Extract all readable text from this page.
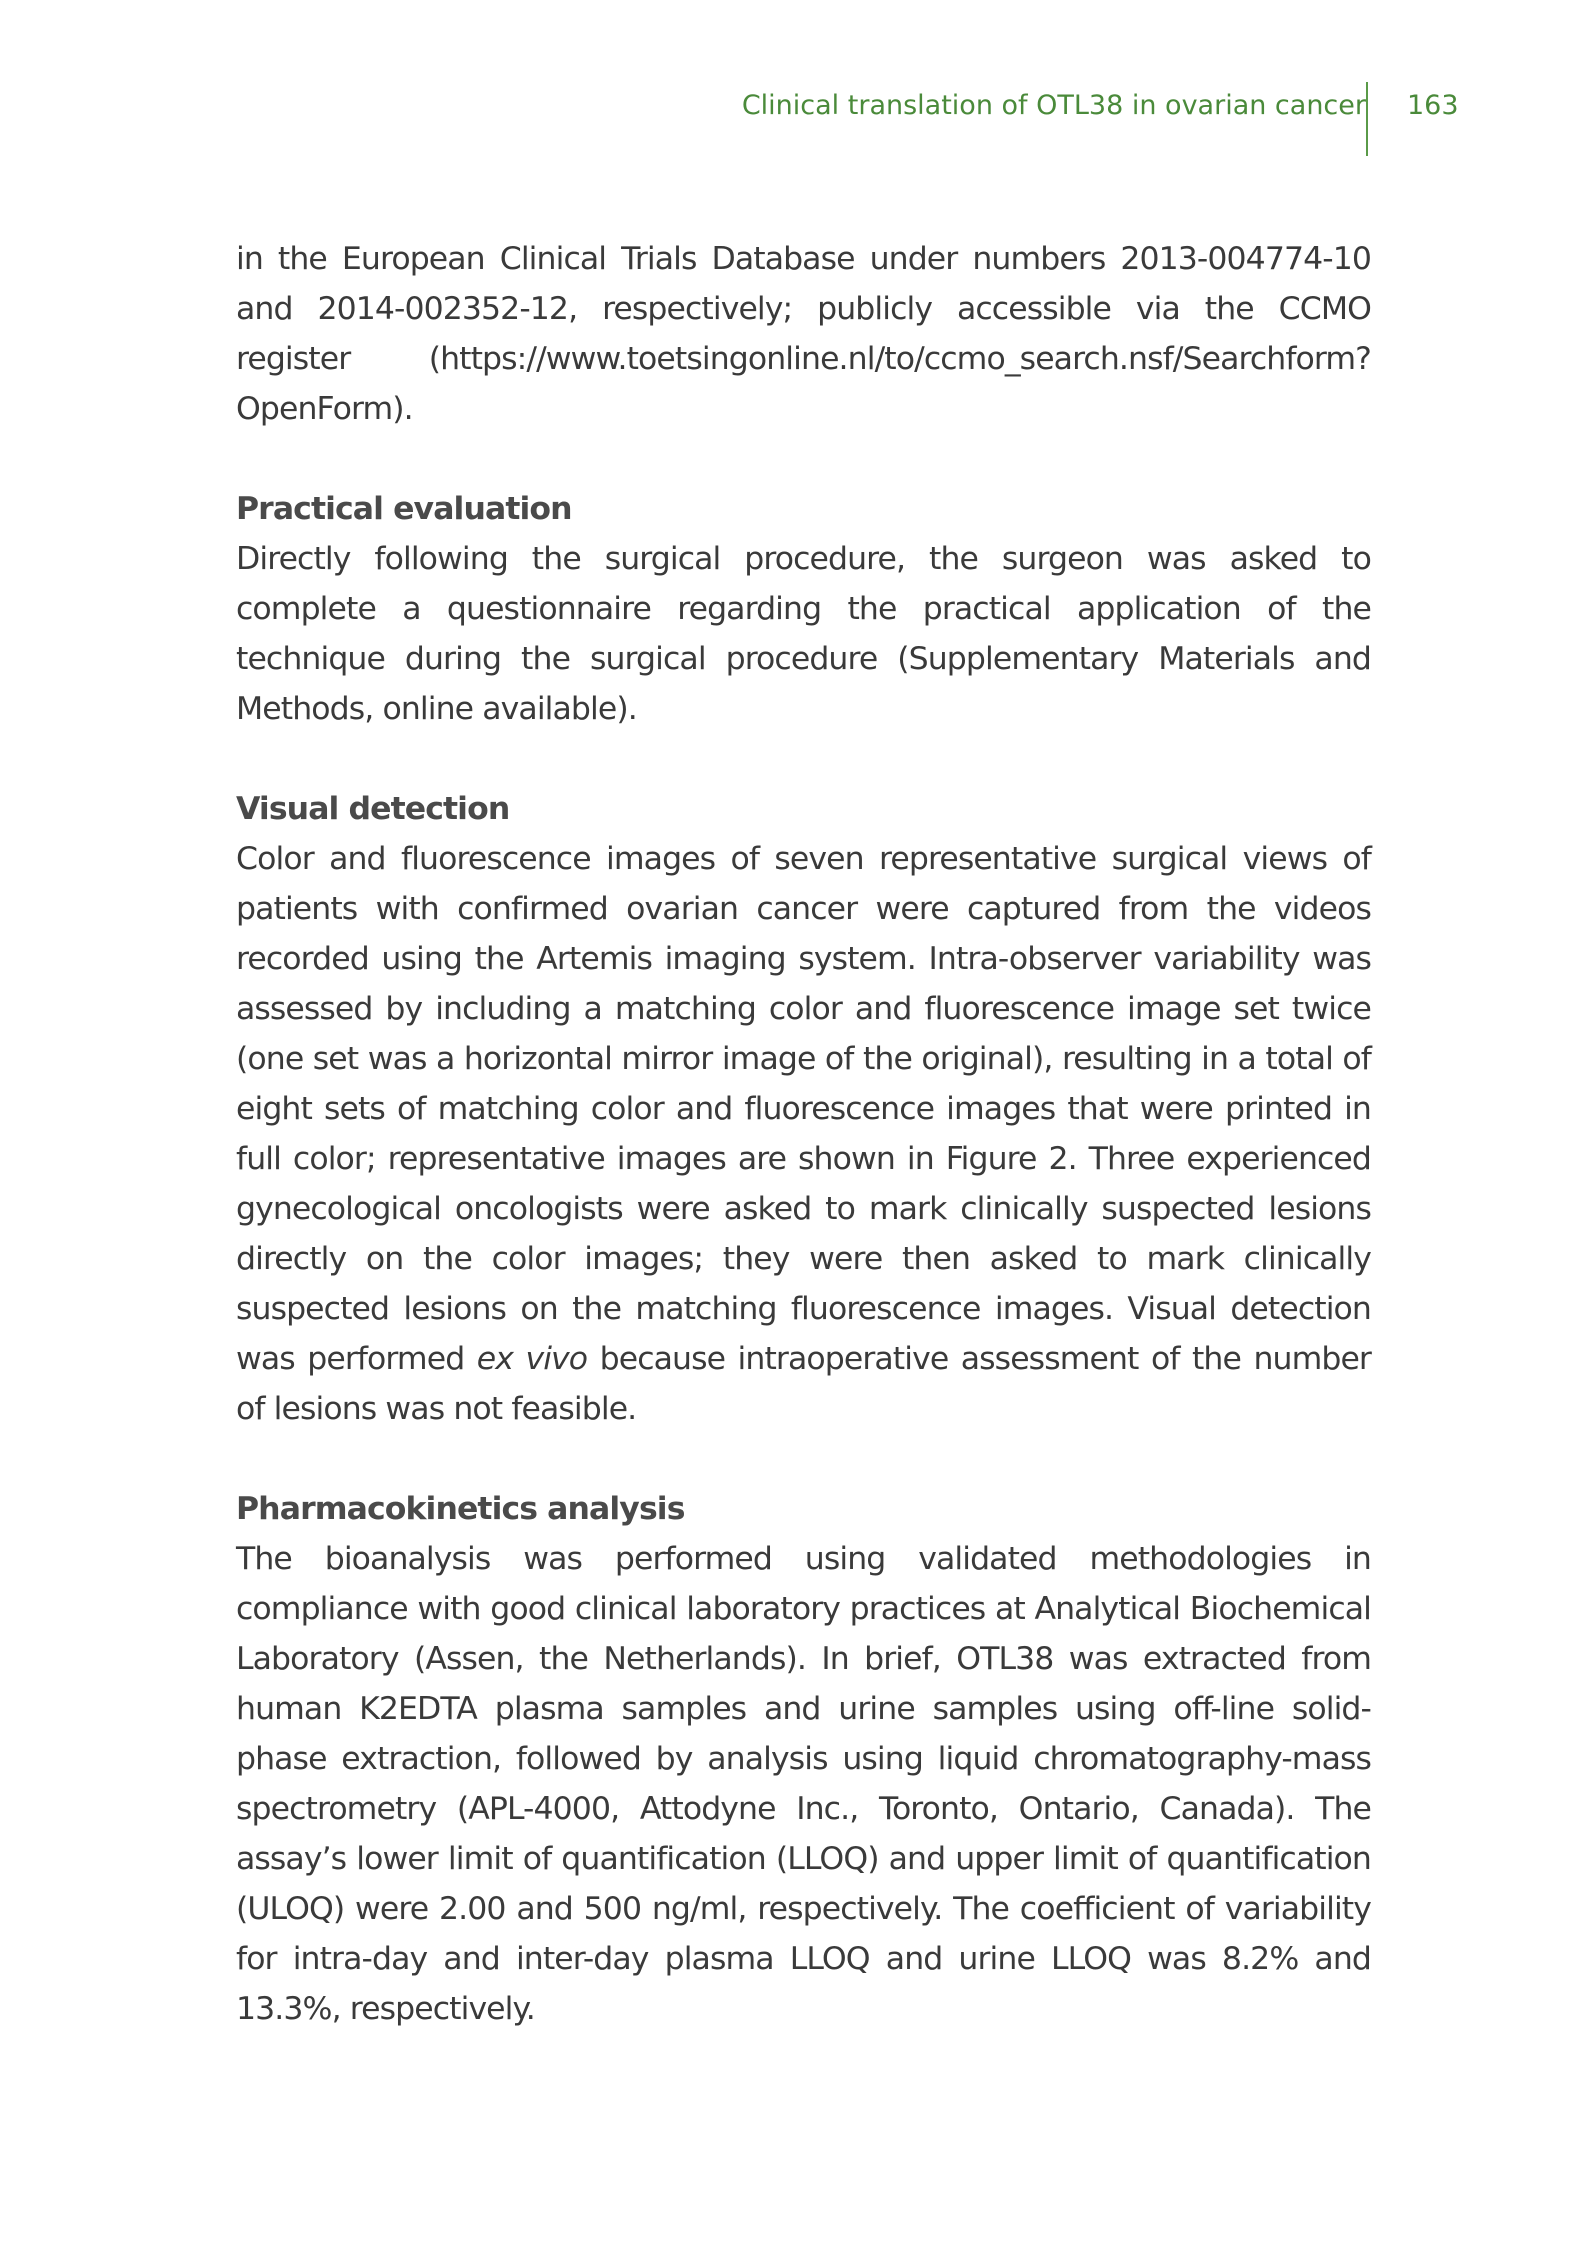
Clinical translation of OTL38 in ovarian cancer 163

in the European Clinical Trials Database under numbers 2013-004774-10 and 2014-002352-12, respectively; publicly accessible via the CCMO register (https://www.toetsingonline.nl/to/ccmo_search.nsf/Searchform?OpenForm).

Practical evaluation

Directly following the surgical procedure, the surgeon was asked to complete a questionnaire regarding the practical application of the technique during the surgical procedure (Supplementary Materials and Methods, online available).

Visual detection

Color and fluorescence images of seven representative surgical views of patients with confirmed ovarian cancer were captured from the videos recorded using the Artemis imaging system. Intra-observer variability was assessed by including a matching color and fluorescence image set twice (one set was a horizontal mirror image of the original), resulting in a total of eight sets of matching color and fluorescence images that were printed in full color; representative images are shown in Figure 2. Three experienced gynecological oncologists were asked to mark clinically suspected lesions directly on the color images; they were then asked to mark clinically suspected lesions on the matching fluorescence images. Visual detection was performed ex vivo because intraoperative assessment of the number of lesions was not feasible.

Pharmacokinetics analysis

The bioanalysis was performed using validated methodologies in compliance with good clinical laboratory practices at Analytical Biochemical Laboratory (Assen, the Netherlands). In brief, OTL38 was extracted from human K2EDTA plasma samples and urine samples using off-line solid-phase extraction, followed by analysis using liquid chromatography-mass spectrometry (APL-4000, Attodyne Inc., Toronto, Ontario, Canada). The assay’s lower limit of quantification (LLOQ) and upper limit of quantification (ULOQ) were 2.00 and 500 ng/ml, respectively. The coefficient of variability for intra-day and inter-day plasma LLOQ and urine LLOQ was 8.2% and 13.3%, respectively.
